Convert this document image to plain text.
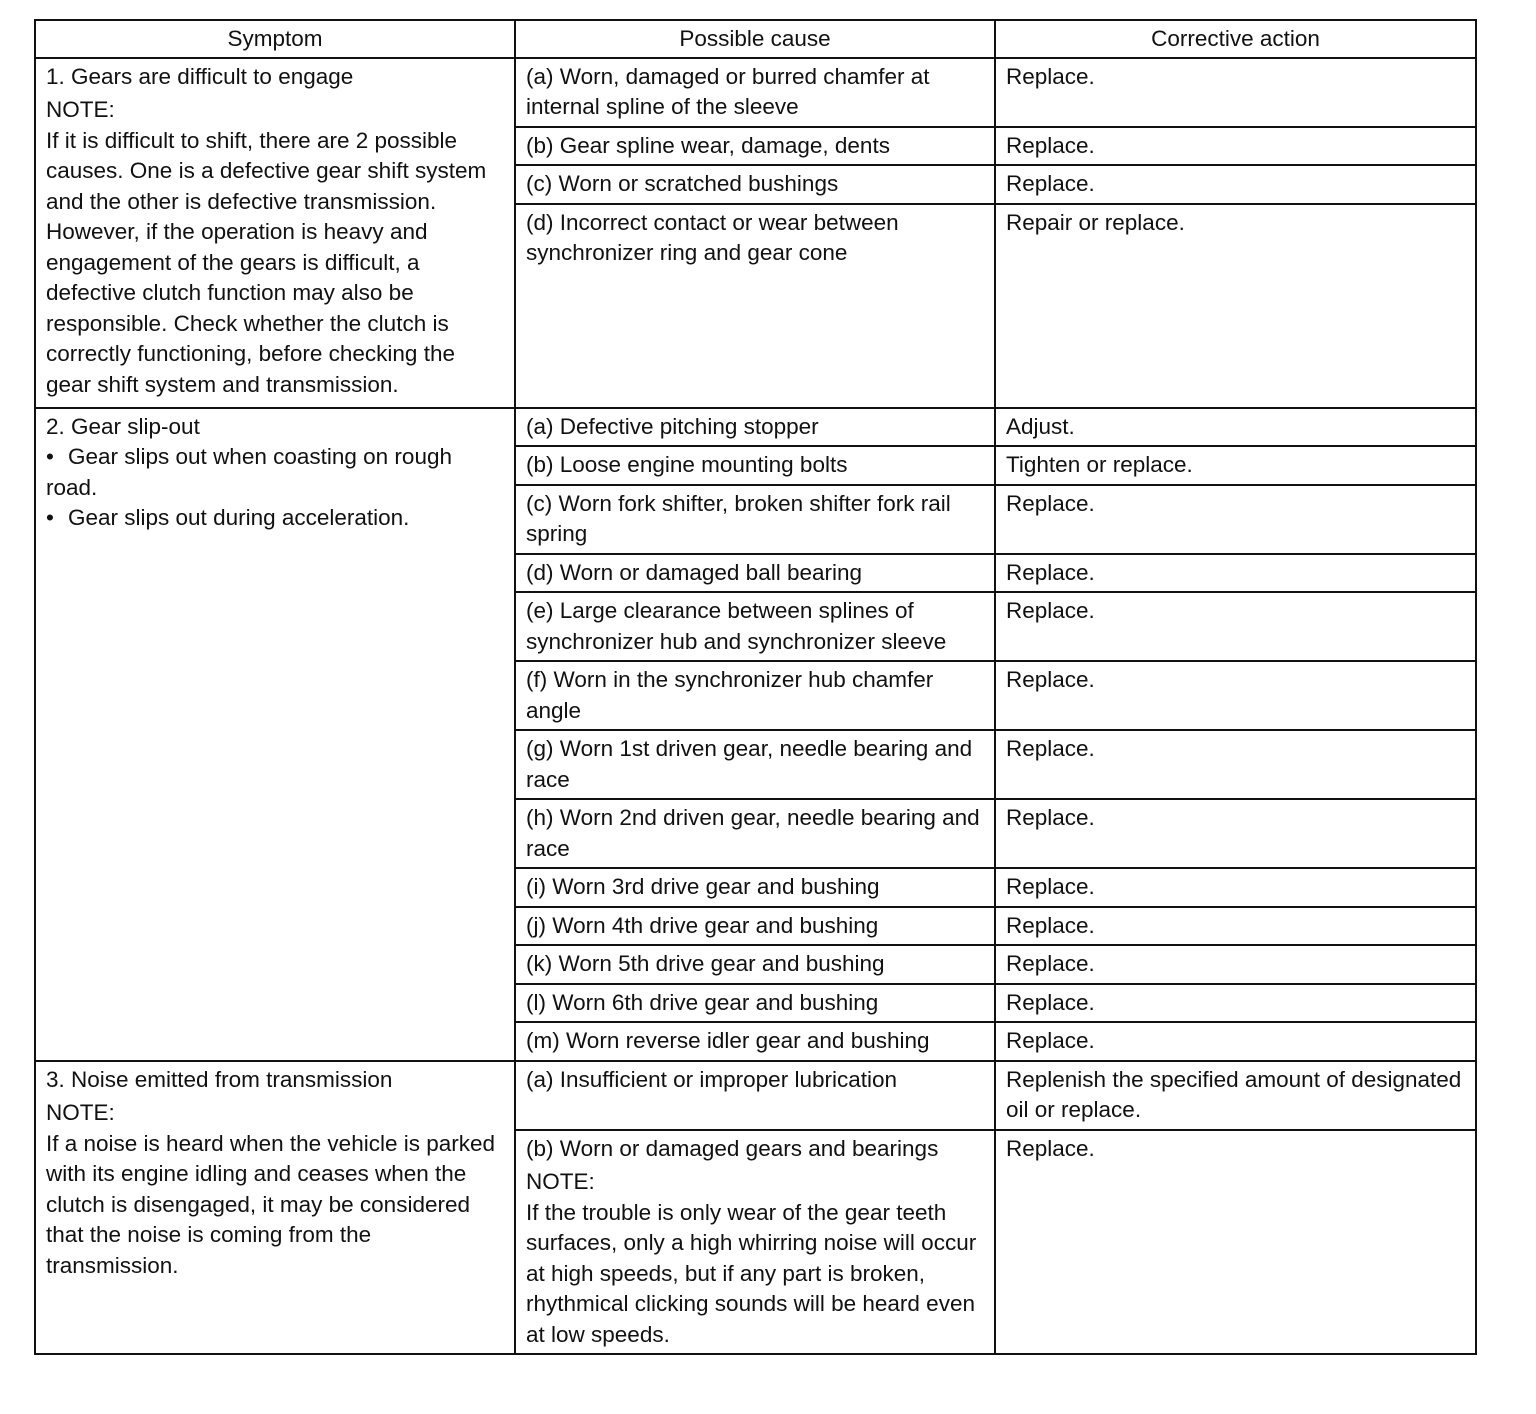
Symptom	Possible cause	Corrective action

1. Gears are difficult to engage
NOTE:
If it is difficult to shift, there are 2 possible causes. One is a defective gear shift system and the other is defective transmission. However, if the operation is heavy and engagement of the gears is difficult, a defective clutch function may also be responsible. Check whether the clutch is correctly functioning, before checking the gear shift system and transmission.	(a) Worn, damaged or burred chamfer at internal spline of the sleeve	Replace.
	(b) Gear spline wear, damage, dents	Replace.
	(c) Worn or scratched bushings	Replace.
	(d) Incorrect contact or wear between synchronizer ring and gear cone	Repair or replace.

2. Gear slip-out
• Gear slips out when coasting on rough road.
• Gear slips out during acceleration.	(a) Defective pitching stopper	Adjust.
	(b) Loose engine mounting bolts	Tighten or replace.
	(c) Worn fork shifter, broken shifter fork rail spring	Replace.
	(d) Worn or damaged ball bearing	Replace.
	(e) Large clearance between splines of synchronizer hub and synchronizer sleeve	Replace.
	(f) Worn in the synchronizer hub chamfer angle	Replace.
	(g) Worn 1st driven gear, needle bearing and race	Replace.
	(h) Worn 2nd driven gear, needle bearing and race	Replace.
	(i) Worn 3rd drive gear and bushing	Replace.
	(j) Worn 4th drive gear and bushing	Replace.
	(k) Worn 5th drive gear and bushing	Replace.
	(l) Worn 6th drive gear and bushing	Replace.
	(m) Worn reverse idler gear and bushing	Replace.

3. Noise emitted from transmission
NOTE:
If a noise is heard when the vehicle is parked with its engine idling and ceases when the clutch is disengaged, it may be considered that the noise is coming from the transmission.	(a) Insufficient or improper lubrication	Replenish the specified amount of designated oil or replace.

	(b) Worn or damaged gears and bearings
NOTE:
If the trouble is only wear of the gear teeth surfaces, only a high whirring noise will occur at high speeds, but if any part is broken, rhythmical clicking sounds will be heard even at low speeds.	Replace.
